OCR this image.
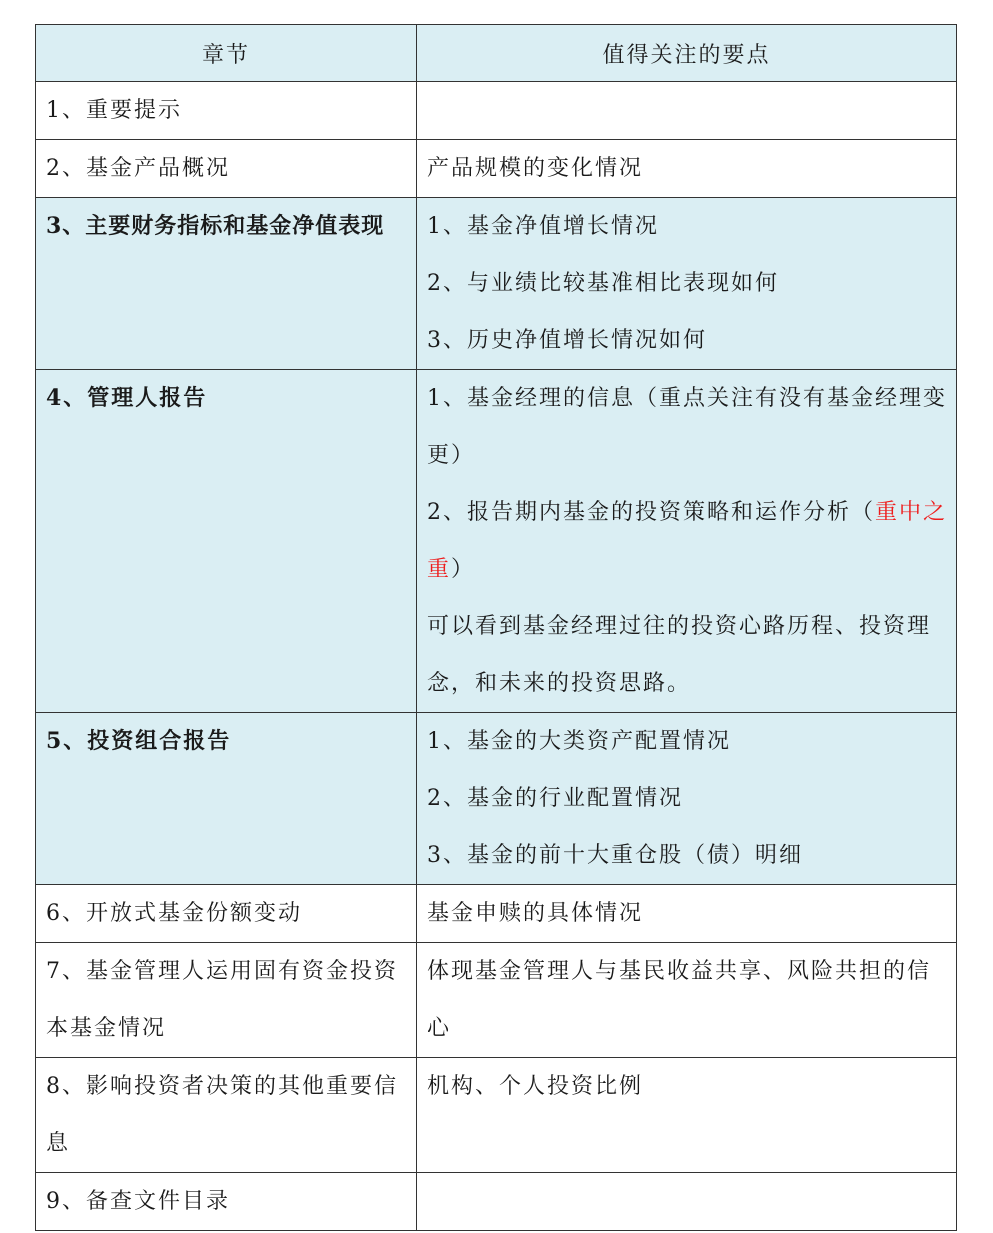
章节	值得关注的要点

1、重要提示	

2、基金产品概况	产品规模的变化情况

3、主要财务指标和基金净值表现	1、基金净值增长情况
2、与业绩比较基准相比表现如何
3、历史净值增长情况如何

4、管理人报告	1、基金经理的信息（重点关注有没有基金经理变更）
2、报告期内基金的投资策略和运作分析（重中之重）
可以看到基金经理过往的投资心路历程、投资理念，和未来的投资思路。

5、投资组合报告	1、基金的大类资产配置情况
2、基金的行业配置情况
3、基金的前十大重仓股（债）明细

6、开放式基金份额变动	基金申赎的具体情况

7、基金管理人运用固有资金投资本基金情况	体现基金管理人与基民收益共享、风险共担的信心

8、影响投资者决策的其他重要信息	机构、个人投资比例

9、备查文件目录	
